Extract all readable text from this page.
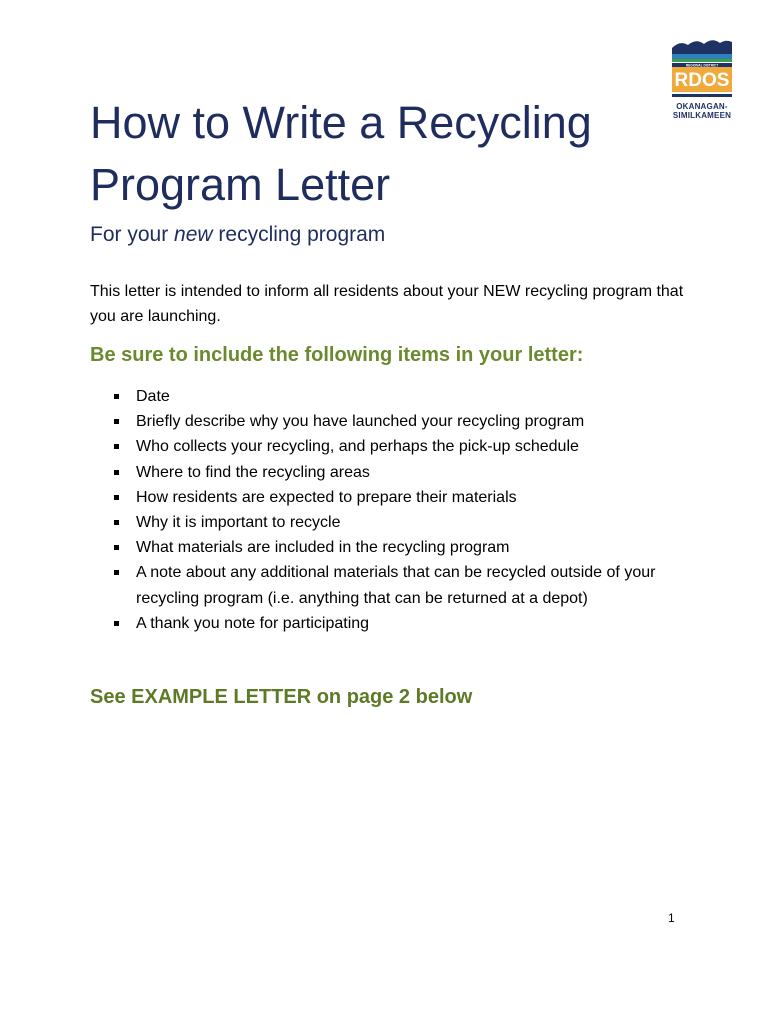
REGIONAL DISTRICT
RDOS
OKANAGAN-
SIMILKAMEEN
How to Write a Recycling
Program Letter

For your new recycling program

This letter is intended to inform all residents about your NEW recycling program that you are launching.

Be sure to include the following items in your letter:
Date
Briefly describe why you have launched your recycling program
Who collects your recycling, and perhaps the pick-up schedule
Where to find the recycling areas
How residents are expected to prepare their materials
Why it is important to recycle
What materials are included in the recycling program
A note about any additional materials that can be recycled outside of your recycling program (i.e. anything that can be returned at a depot)
A thank you note for participating

See EXAMPLE LETTER on page 2 below

1
